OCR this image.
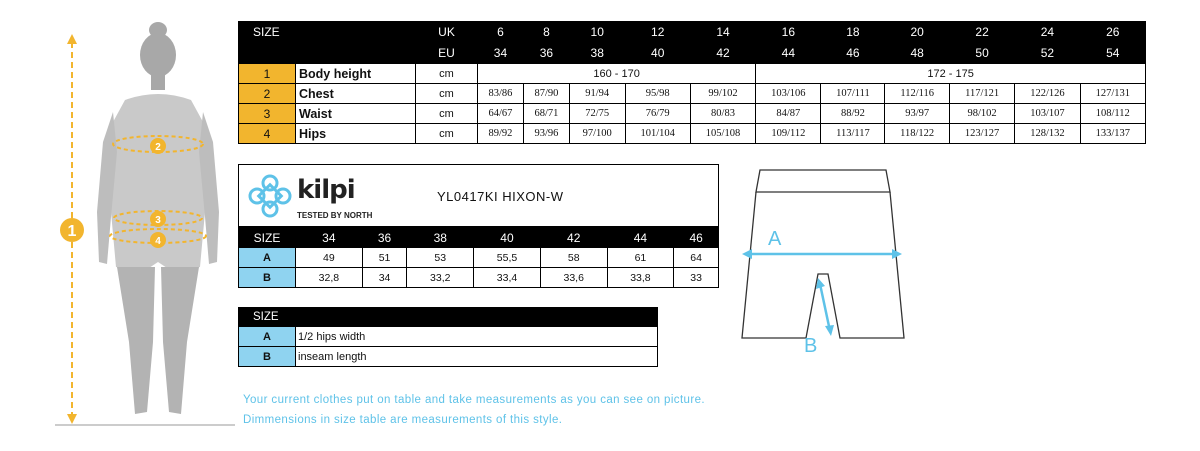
1
2
3
4
SIZE		UK	6	8	10	12	14	16	18	20	22	24	26
		EU	34	36	38	40	42	44	46	48	50	52	54
1	Body height	cm	160 - 170					172 - 175					
2	Chest	cm	83/86	87/90	91/94	95/98	99/102	103/106	107/111	112/116	117/121	122/126	127/131
3	Waist	cm	64/67	68/71	72/75	76/79	80/83	84/87	88/92	93/97	98/102	103/107	108/112
4	Hips	cm	89/92	93/96	97/100	101/104	105/108	109/112	113/117	118/122	123/127	128/132	133/137
kilpi
TESTED BY NORTH
YL0417KI HIXON-W
SIZE	34	36	38	40	42	44	46
A	49	51	53	55,5	58	61	64
B	32,8	34	33,2	33,4	33,6	33,8	33
SIZE	
A	1/2 hips width
B	inseam length
A
B
Your current clothes put on table and take measurements as you can see on picture.
Dimmensions in size table are measurements of this style.
